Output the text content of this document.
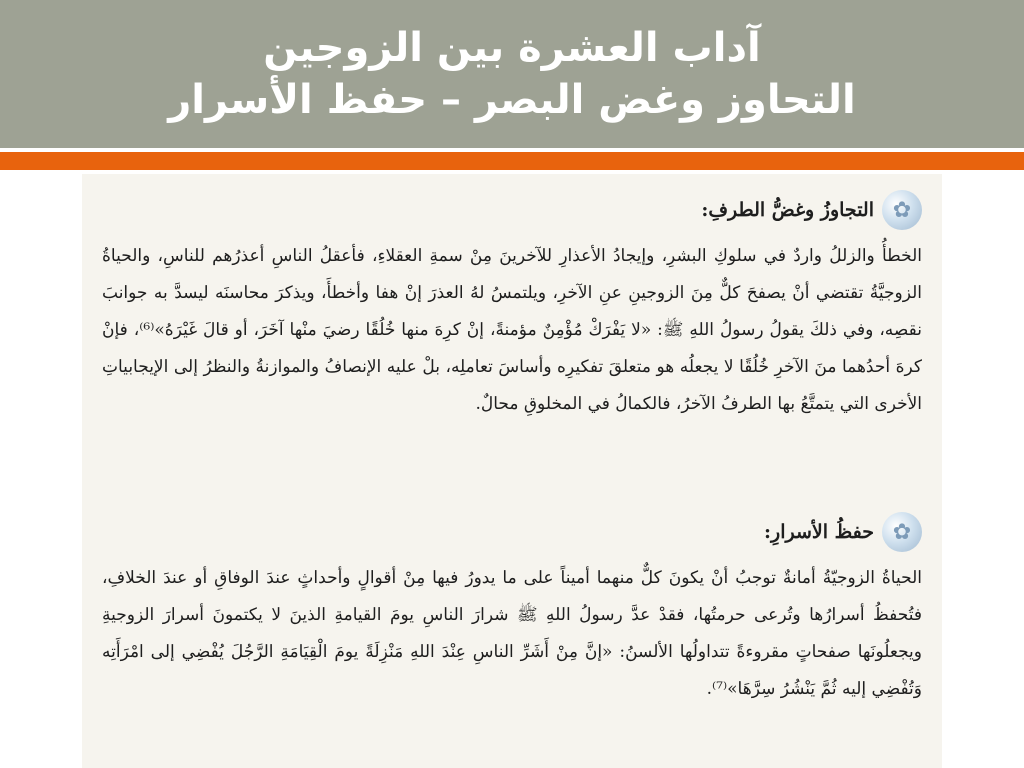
آداب العشرة بين الزوجين
التحاوز وغض البصر – حفظ الأسرار
✿
التجاوزُ وغضُّ الطرفِ:
الخطأُ والزللُ واردٌ في سلوكِ البشرِ، وإيجادُ الأعذارِ للآخرينَ مِنْ سمةِ العقلاءِ، فأعقلُ الناسِ أعذرُهم للناسِ، والحياةُ الزوجيَّةُ تقتضي أنْ يصفحَ كلٌّ مِنَ الزوجينِ عنِ الآخرِ، ويلتمسُ لهُ العذرَ إنْ هفا وأخطأَ، ويذكرَ محاسنَه ليسدَّ به جوانبَ نقصِه، وفي ذلكَ يقولُ رسولُ اللهِ ﷺ: «لا يَفْرَكْ مُؤْمِنٌ مؤمنةً، إنْ كرِهَ منها خُلُقًا رضيَ منْها آخَرَ، أو قالَ غَيْرَهُ»⁽⁶⁾، فإنْ كرهَ أحدُهما منَ الآخرِ خُلُقًا لا يجعلُه هو متعلقَ تفكيرِه وأساسَ تعاملِه، بلْ عليه الإنصافُ والموازنةُ والنظرُ إلى الإيجابياتِ الأخرى التي يتمتَّعُ بها الطرفُ الآخرُ، فالكمالُ في المخلوقِ محالٌ.
✿
حفظُ الأسرارِ:
الحياةُ الزوجيّةُ أمانةٌ توجبُ أنْ يكونَ كلٌّ منهما أميناً على ما يدورُ فيها مِنْ أقوالٍ وأحداثٍ عندَ الوفاقِ أو عندَ الخلافِ، فتُحفظُ أسرارُها وتُرعى حرمتُها، فقدْ عدَّ رسولُ اللهِ ﷺ شرارَ الناسِ يومَ القيامةِ الذينَ لا يكتمونَ أسرارَ الزوجيةِ ويجعلُونَها صفحاتٍ مقروءةً تتداولُها الألسنُ: «إنَّ مِنْ أَشَرِّ الناسِ عِنْدَ اللهِ مَنْزِلَةً يومَ الْقِيَامَةِ الرَّجُلَ يُفْضِي إلى امْرَأَتِه وَتُفْضِي إليه ثُمَّ يَنْشُرُ سِرَّهَا»⁽⁷⁾.
